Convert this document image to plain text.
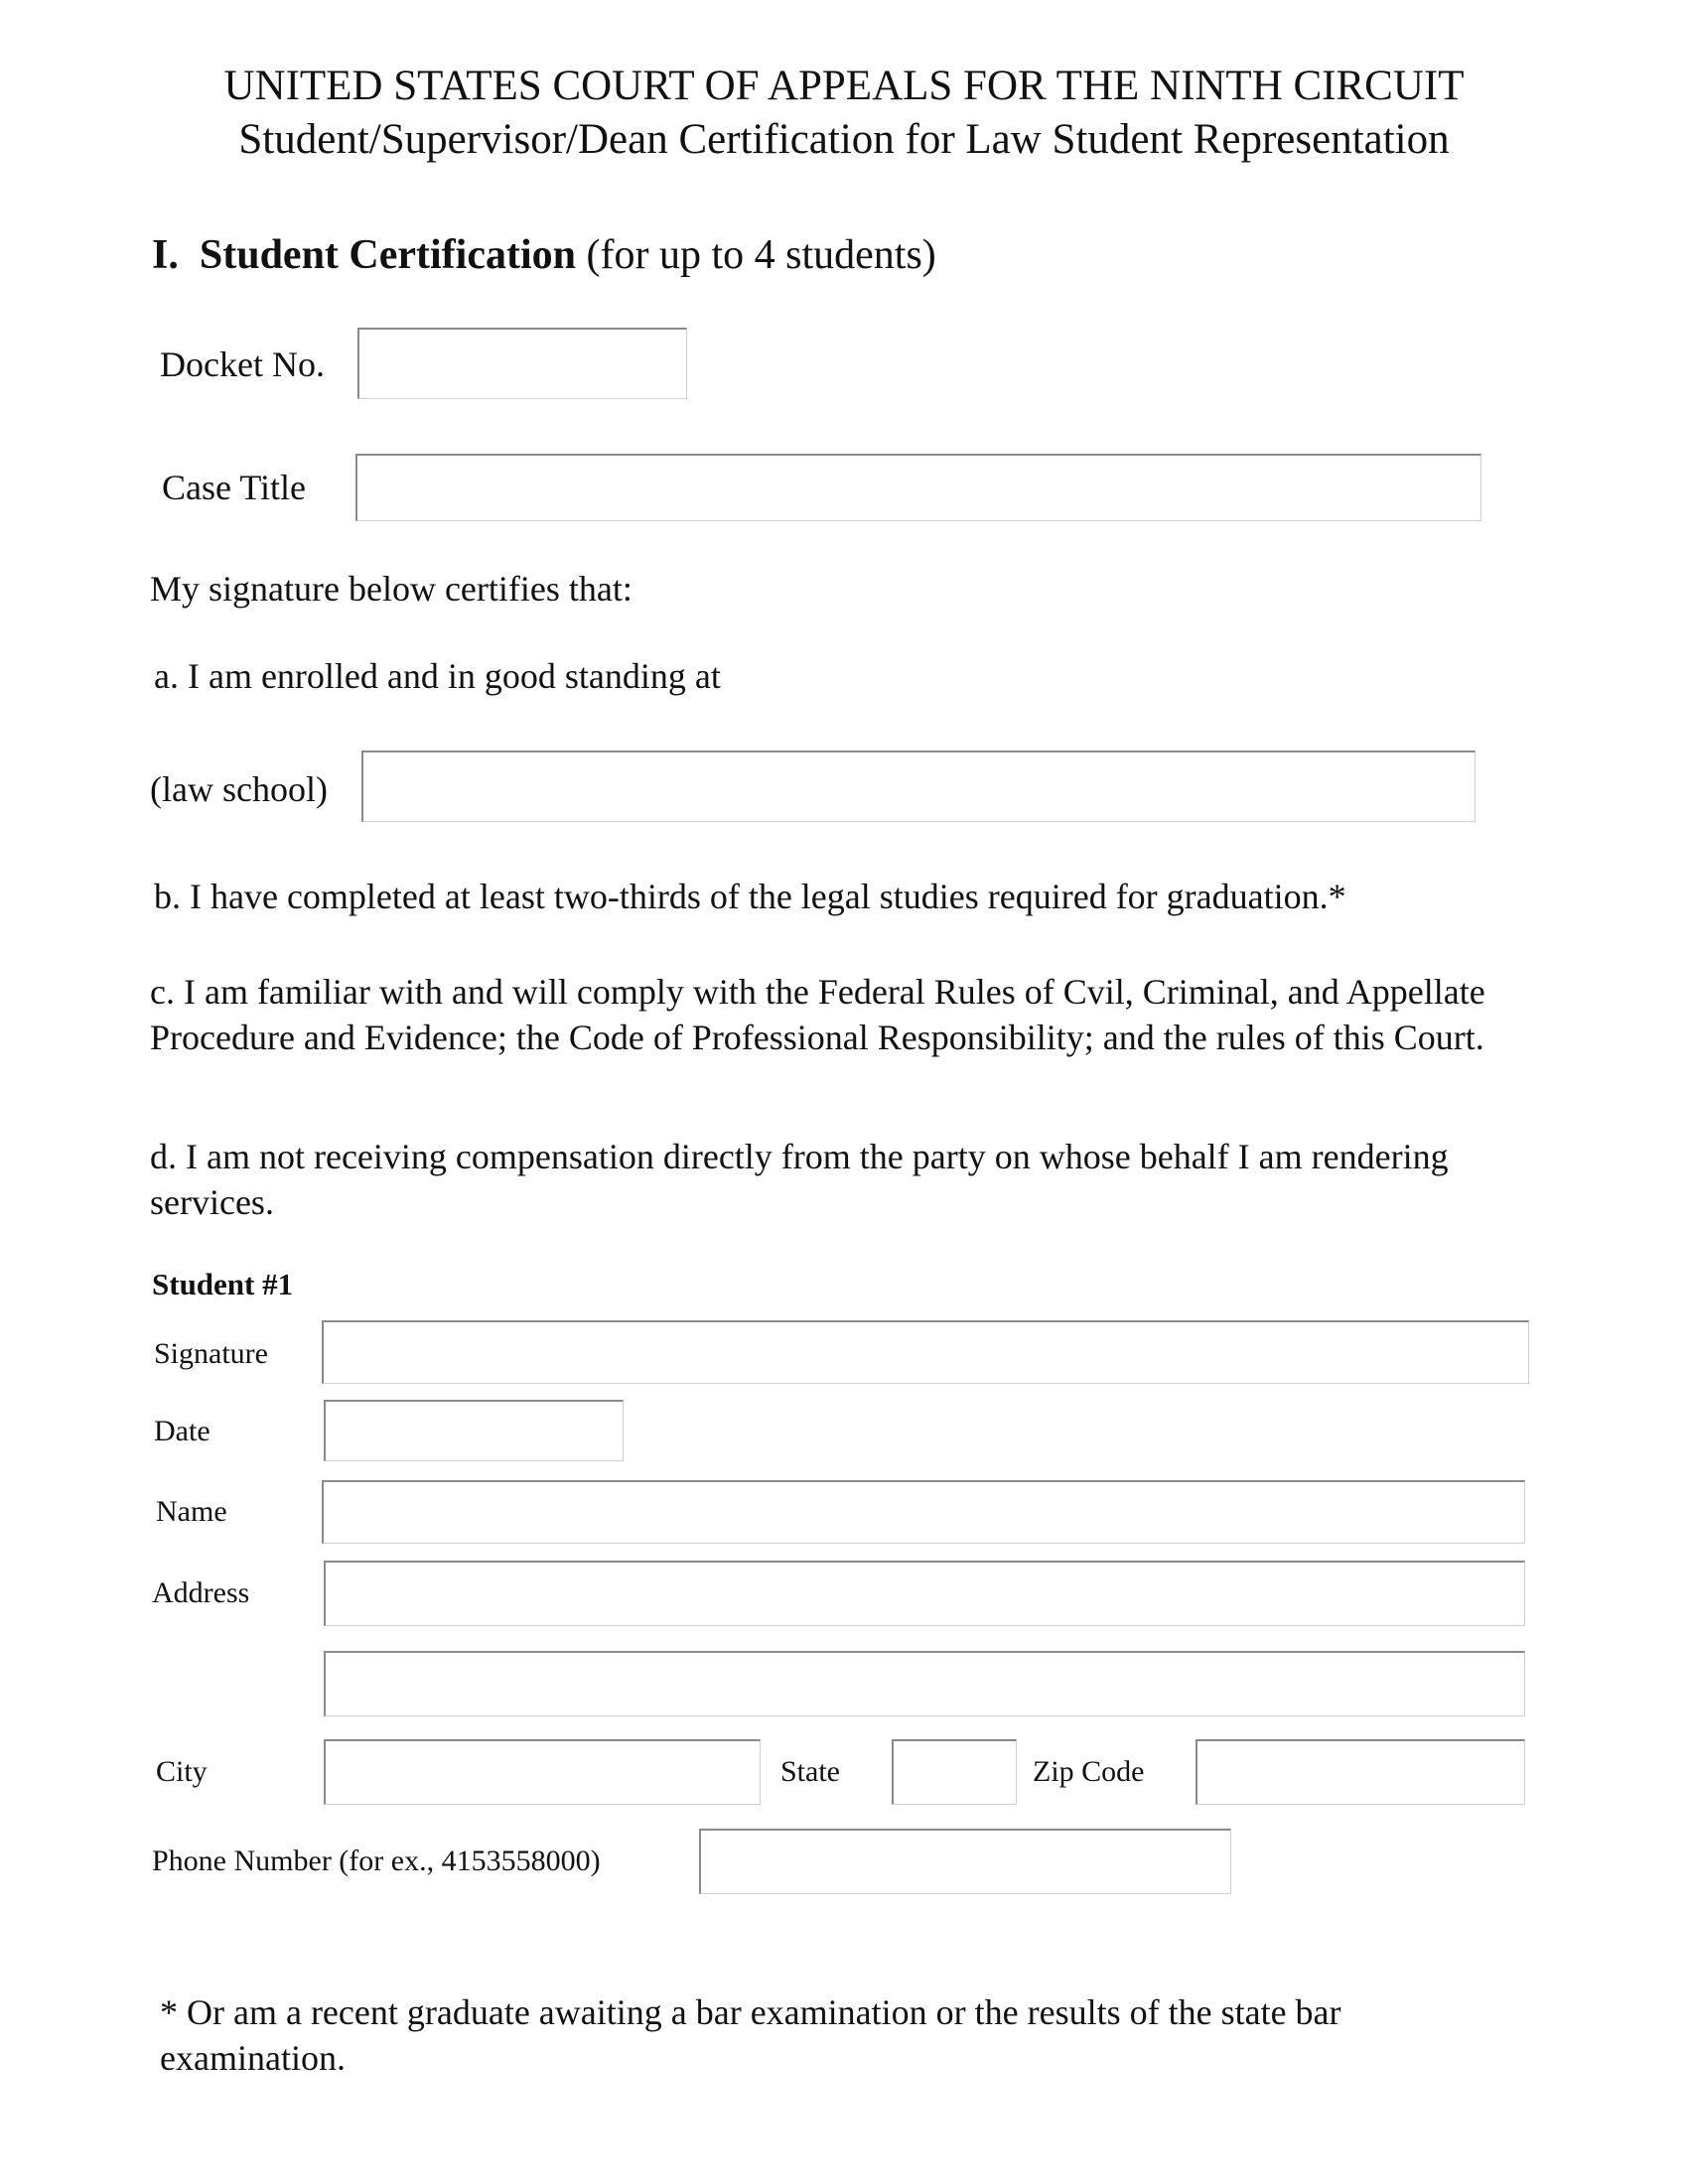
UNITED STATES COURT OF APPEALS FOR THE NINTH CIRCUIT
Student/Supervisor/Dean Certification for Law Student Representation
I. Student Certification (for up to 4 students)
Docket No.
Case Title
My signature below certifies that:
a. I am enrolled and in good standing at
(law school)
b. I have completed at least two-thirds of the legal studies required for graduation.*
c. I am familiar with and will comply with the Federal Rules of Cvil, Criminal, and Appellate Procedure and Evidence; the Code of Professional Responsibility; and the rules of this Court.
d. I am not receiving compensation directly from the party on whose behalf I am rendering services.
Student #1
Signature
Date
Name
Address
City	State	Zip Code
Phone Number (for ex., 4153558000)
* Or am a recent graduate awaiting a bar examination or the results of the state bar examination.
